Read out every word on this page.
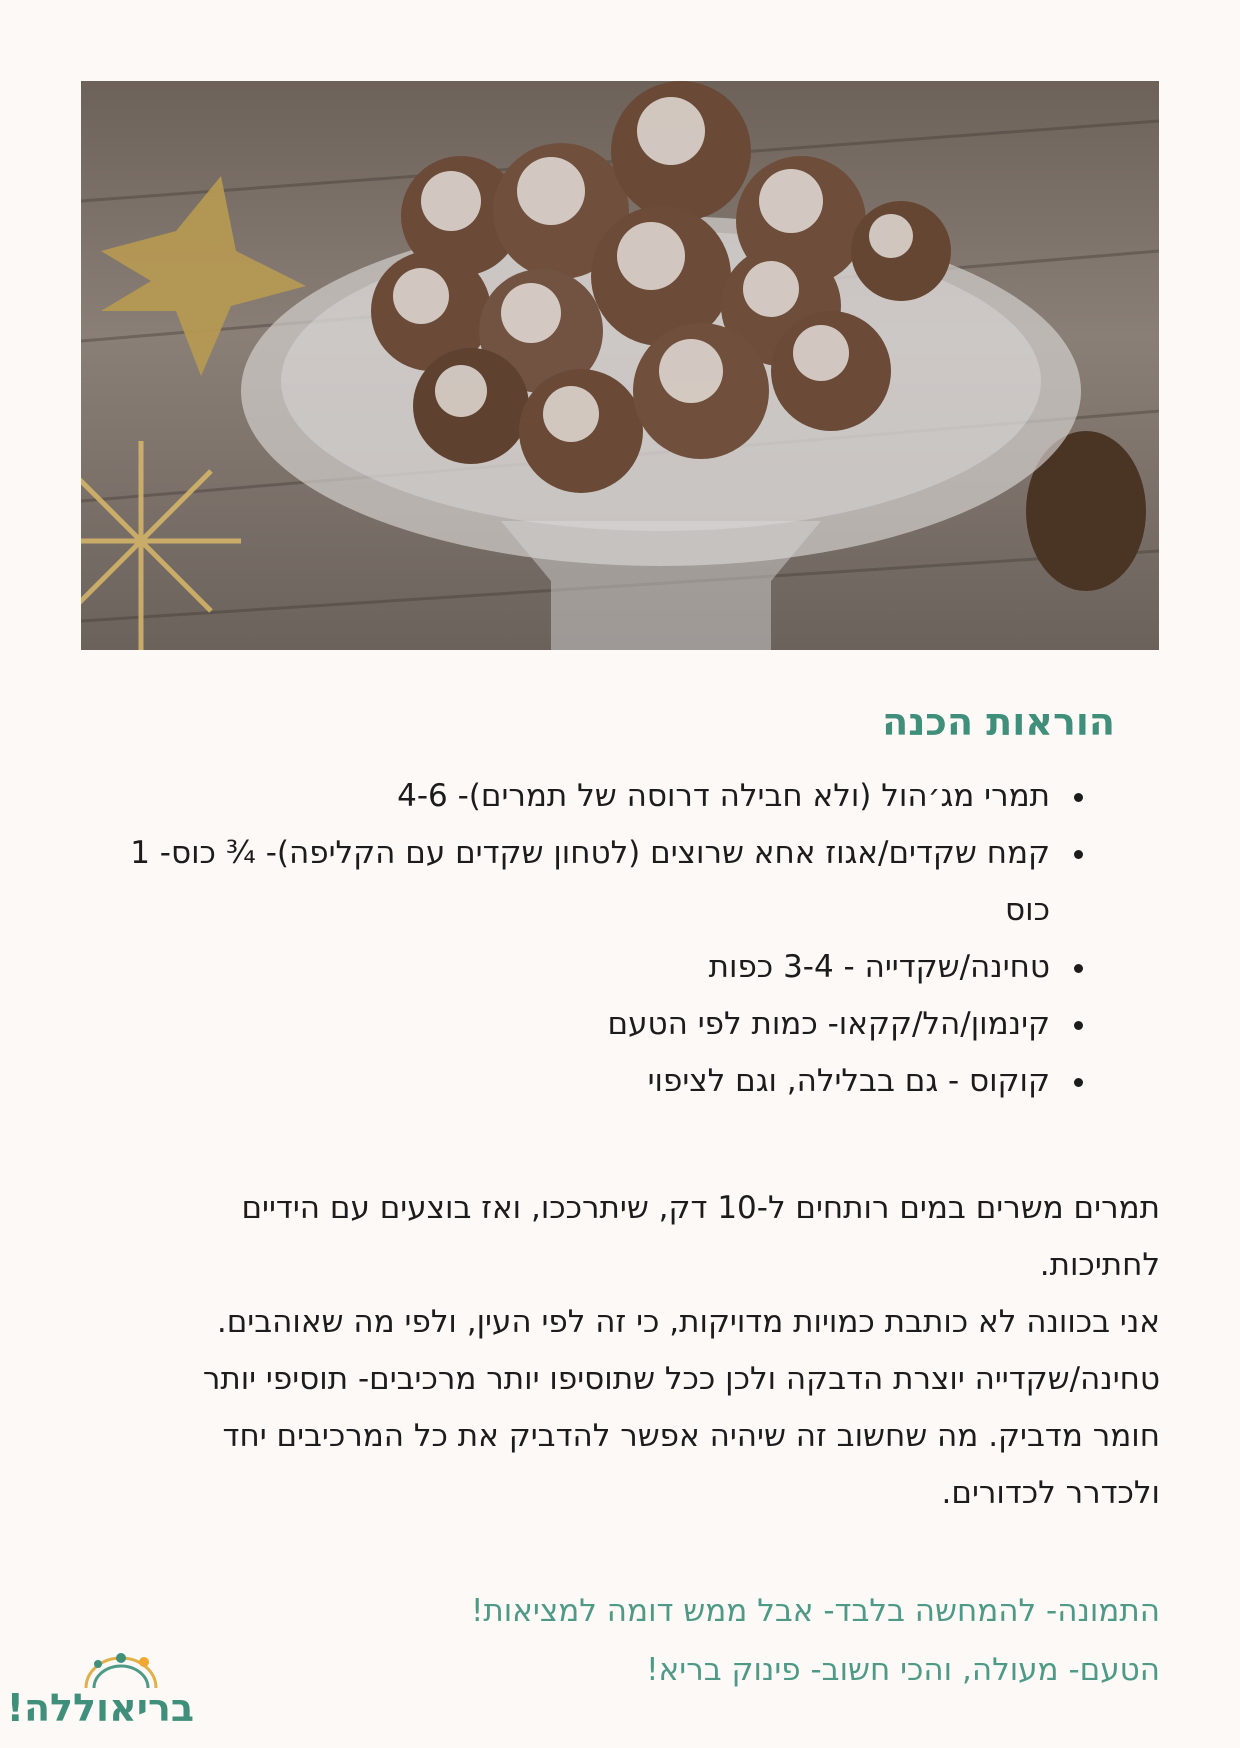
הוראות הכנה
• תמרי מג׳הול (ולא חבילה דרוסה של תמרים)- 4-6
• קמח שקדים/אגוז אחא שרוצים (לטחון שקדים עם הקליפה)- ¾ כוס- 1 כוס
• טחינה/שקדייה - 3-4 כפות
• קינמון/הל/קקאו- כמות לפי הטעם
• קוקוס - גם בבלילה, וגם לציפוי

תמרים משרים במים רותחים ל-10 דק, שיתרככו, ואז בוצעים עם הידיים לחתיכות.

אני בכוונה לא כותבת כמויות מדויקות, כי זה לפי העין, ולפי מה שאוהבים. טחינה/שקדייה יוצרת הדבקה ולכן ככל שתוסיפו יותר מרכיבים- תוסיפי יותר חומר מדביק. מה שחשוב זה שיהיה אפשר להדביק את כל המרכיבים יחד ולכדרר לכדורים.

התמונה- להמחשה בלבד- אבל ממש דומה למציאות!

הטעם- מעולה, והכי חשוב- פינוק בריא!

בריאוללה!
